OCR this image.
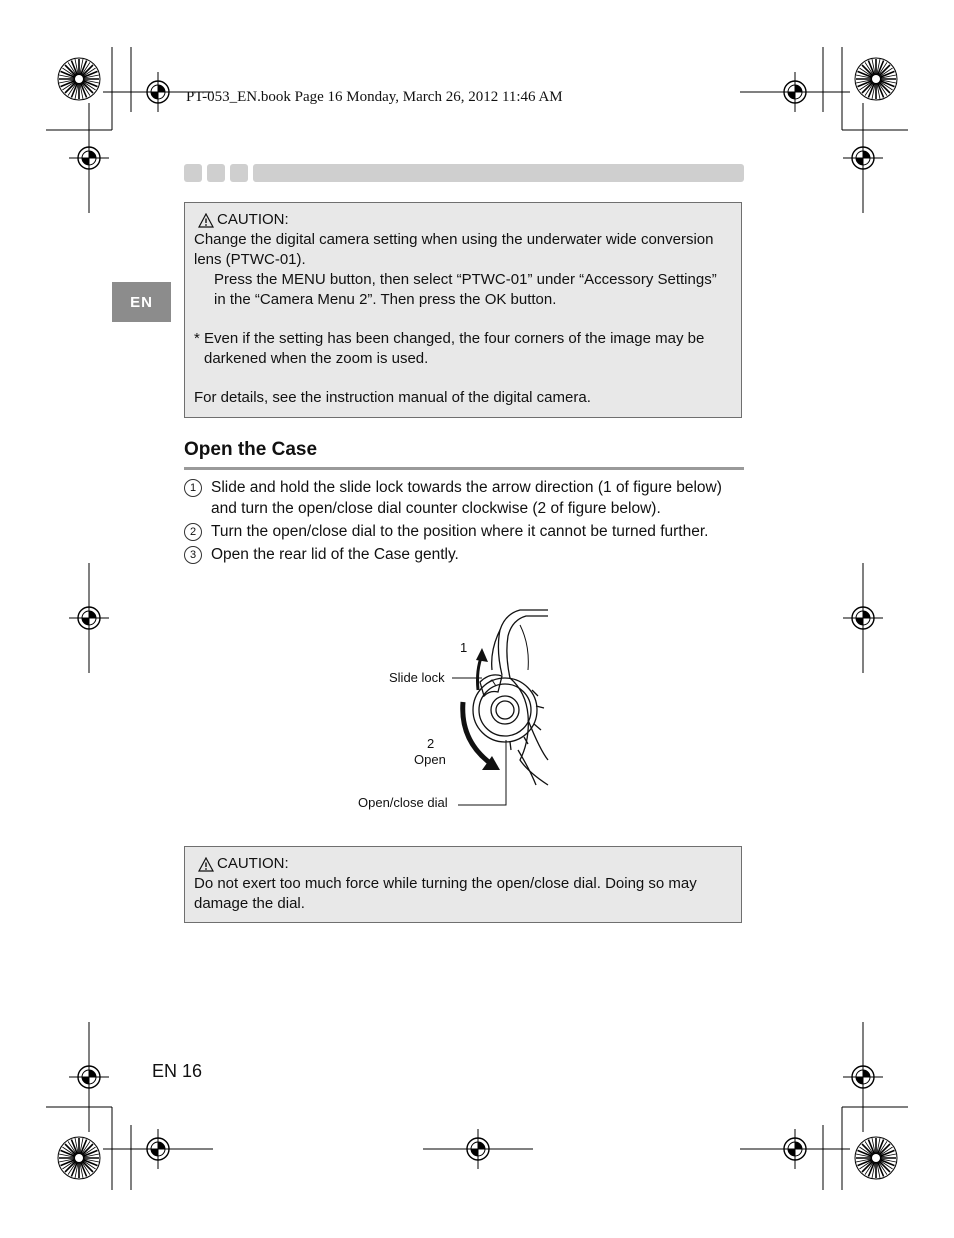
PT-053_EN.book Page 16 Monday, March 26, 2012 11:46 AM
EN

CAUTION:

Change the digital camera setting when using the underwater wide conversion lens (PTWC-01).

Press the MENU button, then select “PTWC-01” under “Accessory Settings” in the “Camera Menu 2”. Then press the OK button.

* Even if the setting has been changed, the four corners of the image may be darkened when the zoom is used.

For details, see the instruction manual of the digital camera.

Open the Case
1 Slide and hold the slide lock towards the arrow direction (1 of figure below) and turn the open/close dial counter clockwise (2 of figure below).
2 Turn the open/close dial to the position where it cannot be turned further.
3 Open the rear lid of the Case gently.
1
Slide lock
2
Open
Open/close dial

CAUTION:

Do not exert too much force while turning the open/close dial. Doing so may damage the dial.

EN 16
